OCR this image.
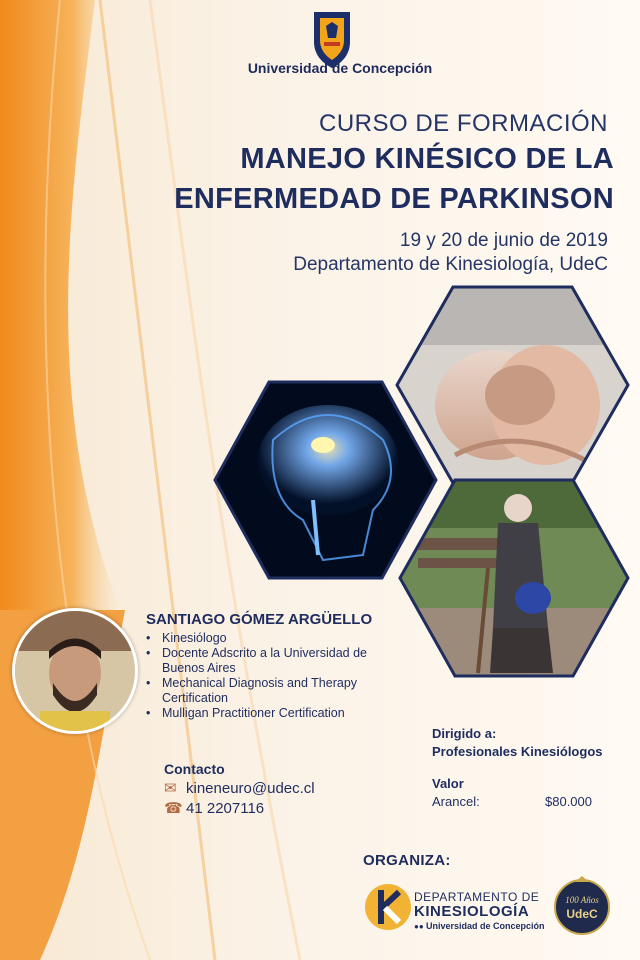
Universidad de Concepción
CURSO DE FORMACIÓN
MANEJO KINÉSICO DE LA
ENFERMEDAD DE PARKINSON
19 y 20 de junio de 2019
Departamento de Kinesiología, UdeC
SANTIAGO GÓMEZ ARGÜELLO
• Kinesiólogo
• Docente Adscrito a la Universidad de Buenos Aires
• Mechanical Diagnosis and Therapy Certification
• Mulligan Practitioner Certification
Contacto
✉ kineneuro@udec.cl
☎ 41 2207116
Dirigido a:
Profesionales Kinesiólogos
Valor
Arancel:	$80.000
ORGANIZA:
DEPARTAMENTO DE
KINESIOLOGÍA
●● Universidad de Concepción
100 Años
UdeC
